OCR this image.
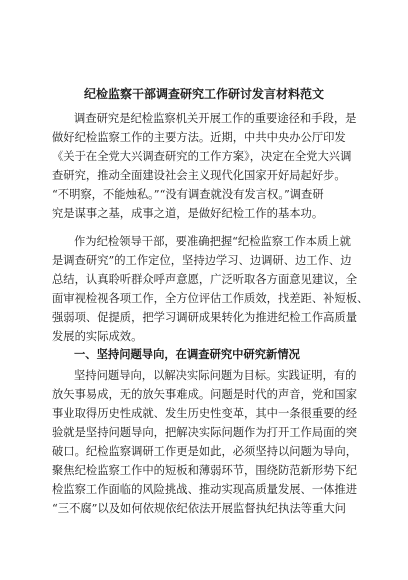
纪检监察干部调查研究工作研讨发言材料范文
调查研究是纪检监察机关开展工作的重要途径和手段，是
做好纪检监察工作的主要方法。近期，中共中央办公厅印发
《关于在全党大兴调查研究的工作方案》，决定在全党大兴调
查研究，推动全面建设社会主义现代化国家开好局起好步。
“不明察，不能烛私。”“没有调查就没有发言权。”调查研
究是谋事之基，成事之道，是做好纪检工作的基本功。
作为纪检领导干部，要准确把握“纪检监察工作本质上就
是调查研究”的工作定位，坚持边学习、边调研、边工作、边
总结，认真聆听群众呼声意愿，广泛听取各方面意见建议，全
面审视检视各项工作，全方位评估工作质效，找差距、补短板、
强弱项、促提质，把学习调研成果转化为推进纪检工作高质量
发展的实际成效。
一、坚持问题导向，在调查研究中研究新情况
坚持问题导向，以解决实际问题为目标。实践证明，有的
放矢事易成，无的放矢事难成。问题是时代的声音，党和国家
事业取得历史性成就、发生历史性变革，其中一条很重要的经
验就是坚持问题导向，把解决实际问题作为打开工作局面的突
破口。纪检监察调研工作更是如此，必须坚持以问题为导向，
聚焦纪检监察工作中的短板和薄弱环节，围绕防范新形势下纪
检监察工作面临的风险挑战、推动实现高质量发展、一体推进
“三不腐”以及如何依规依纪依法开展监督执纪执法等重大问
